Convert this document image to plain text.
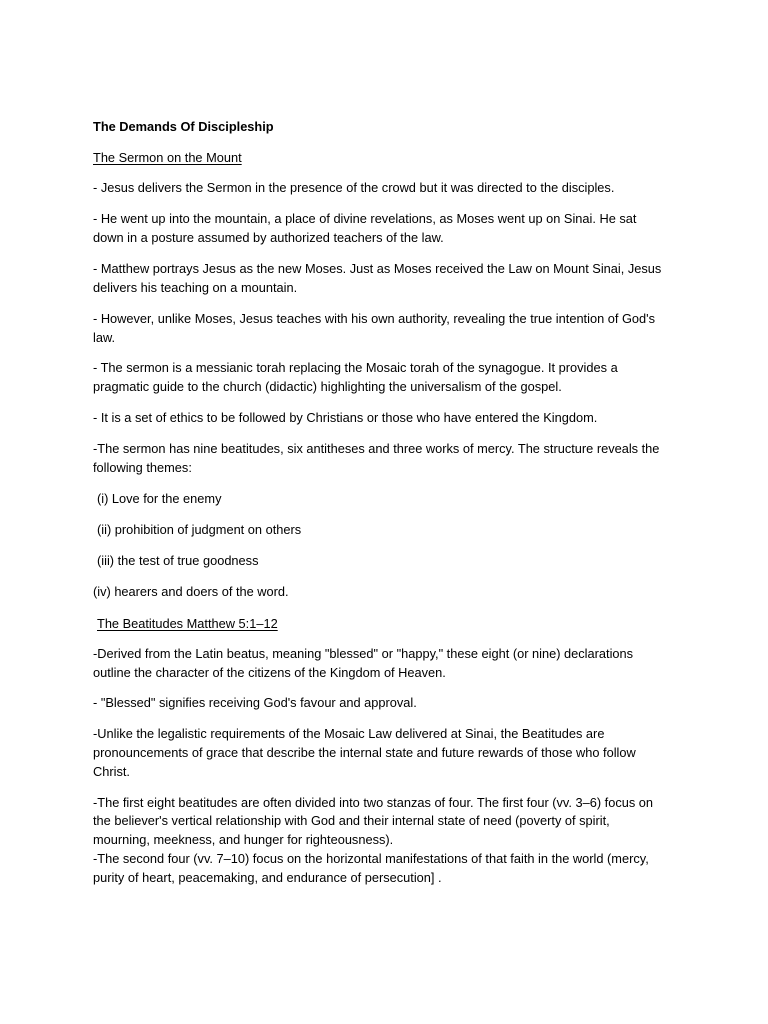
The Demands Of Discipleship
The Sermon on the Mount
- Jesus delivers the Sermon in the presence of the crowd but it was directed to the disciples.
- He went up into the mountain, a place of divine revelations, as Moses went up on Sinai. He sat
down in a posture assumed by authorized teachers of the law.
- Matthew portrays Jesus as the new Moses. Just as Moses received the Law on Mount Sinai, Jesus
delivers his teaching on a mountain.
- However, unlike Moses, Jesus teaches with his own authority, revealing the true intention of God's
law.
- The sermon is a messianic torah replacing the Mosaic torah of the synagogue. It provides a
pragmatic guide to the church (didactic) highlighting the universalism of the gospel.
- It is a set of ethics to be followed by Christians or those who have entered the Kingdom.
-The sermon has nine beatitudes, six antitheses and three works of mercy. The structure reveals the
following themes:
(i) Love for the enemy
(ii) prohibition of judgment on others
(iii) the test of true goodness
(iv) hearers and doers of the word.
The Beatitudes Matthew 5:1–12
-Derived from the Latin beatus, meaning "blessed" or "happy," these eight (or nine) declarations
outline the character of the citizens of the Kingdom of Heaven.
- "Blessed" signifies receiving God's favour and approval.
-Unlike the legalistic requirements of the Mosaic Law delivered at Sinai, the Beatitudes are
pronouncements of grace that describe the internal state and future rewards of those who follow
Christ.
-The first eight beatitudes are often divided into two stanzas of four. The first four (vv. 3–6) focus on
the believer's vertical relationship with God and their internal state of need (poverty of spirit,
mourning, meekness, and hunger for righteousness).
-The second four (vv. 7–10) focus on the horizontal manifestations of that faith in the world (mercy,
purity of heart, peacemaking, and endurance of persecution] .
